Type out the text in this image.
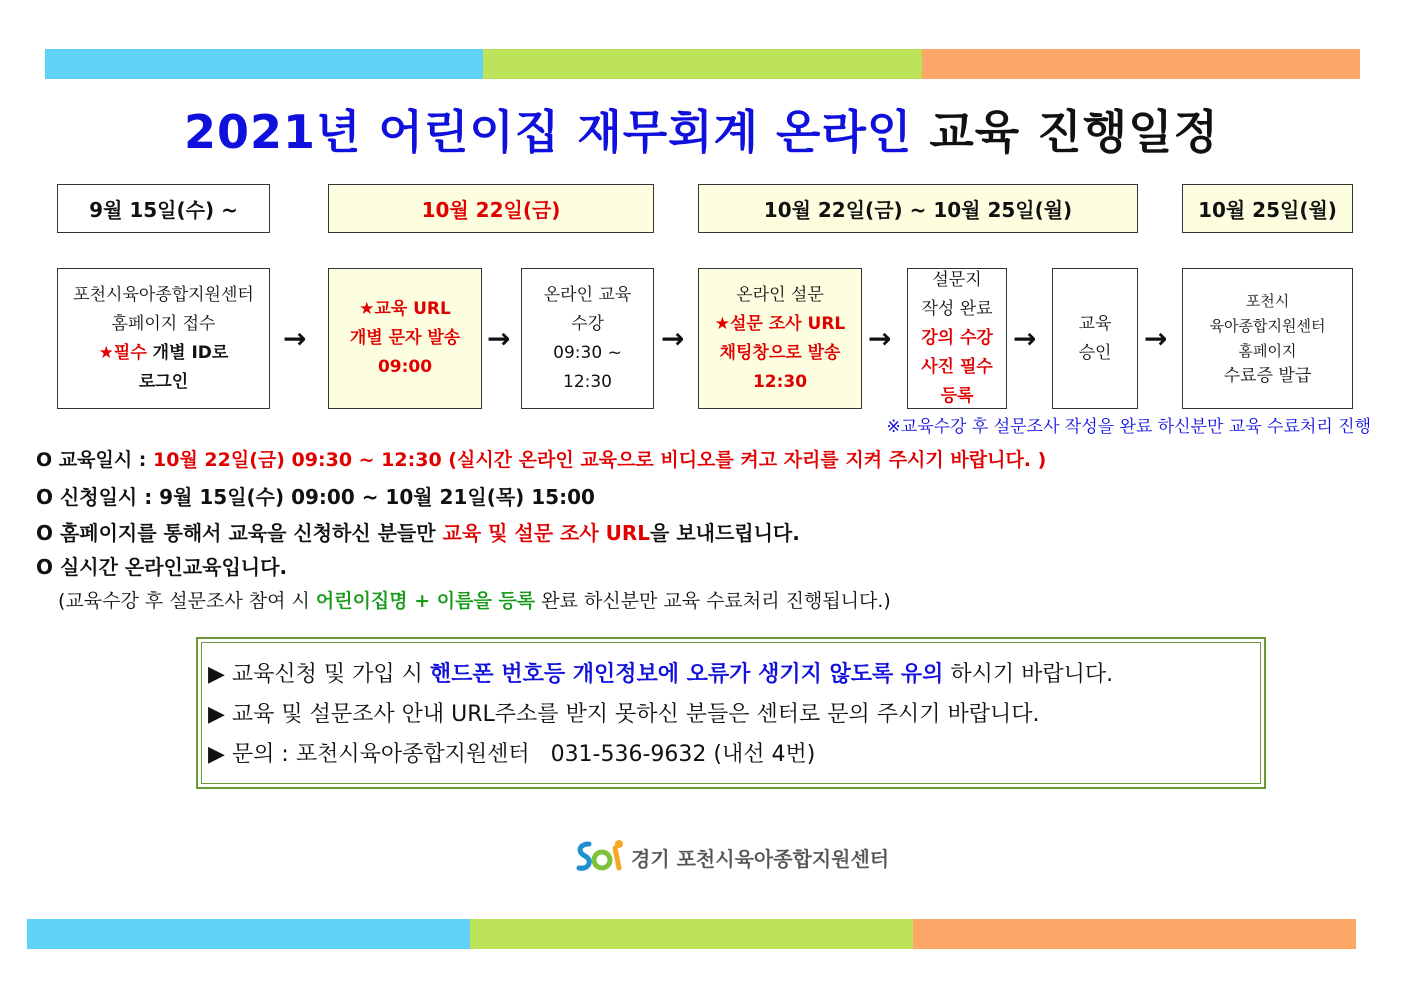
2021년 어린이집 재무회계 온라인 교육 진행일정
9월 15일(수) ~	10월 22일(금)	10월 22일(금) ~ 10월 25일(월)	10월 25일(월)
포천시육아종합지원센터
홈페이지 접수
★필수 개별 ID로
로그인
→
★교육 URL
개별 문자 발송
09:00
→
온라인 교육
수강
09:30 ~
12:30
→
온라인 설문
★설문 조사 URL
채팅창으로 발송
12:30
→
설문지
작성 완료
강의 수강
사진 필수
등록
→ 교육
승인 →
포천시
육아종합지원센터
홈페이지
수료증 발급
※교육수강 후 설문조사 작성을 완료 하신분만 교육 수료처리 진행
O 교육일시 : 10월 22일(금) 09:30 ~ 12:30 (실시간 온라인 교육으로 비디오를 켜고 자리를 지켜 주시기 바랍니다. )
O 신청일시 : 9월 15일(수) 09:00 ~ 10월 21일(목) 15:00
O 홈페이지를 통해서 교육을 신청하신 분들만 교육 및 설문 조사 URL을 보내드립니다.
O 실시간 온라인교육입니다.
(교육수강 후 설문조사 참여 시 어린이집명 + 이름을 등록 완료 하신분만 교육 수료처리 진행됩니다.)

▶ 교육신청 및 가입 시 핸드폰 번호등 개인정보에 오류가 생기지 않도록 유의 하시기 바랍니다.

▶ 교육 및 설문조사 안내 URL주소를 받지 못하신 분들은 센터로 문의 주시기 바랍니다.

▶ 문의 : 포천시육아종합지원센터   031-536-9632 (내선 4번)

경기 포천시육아종합지원센터
